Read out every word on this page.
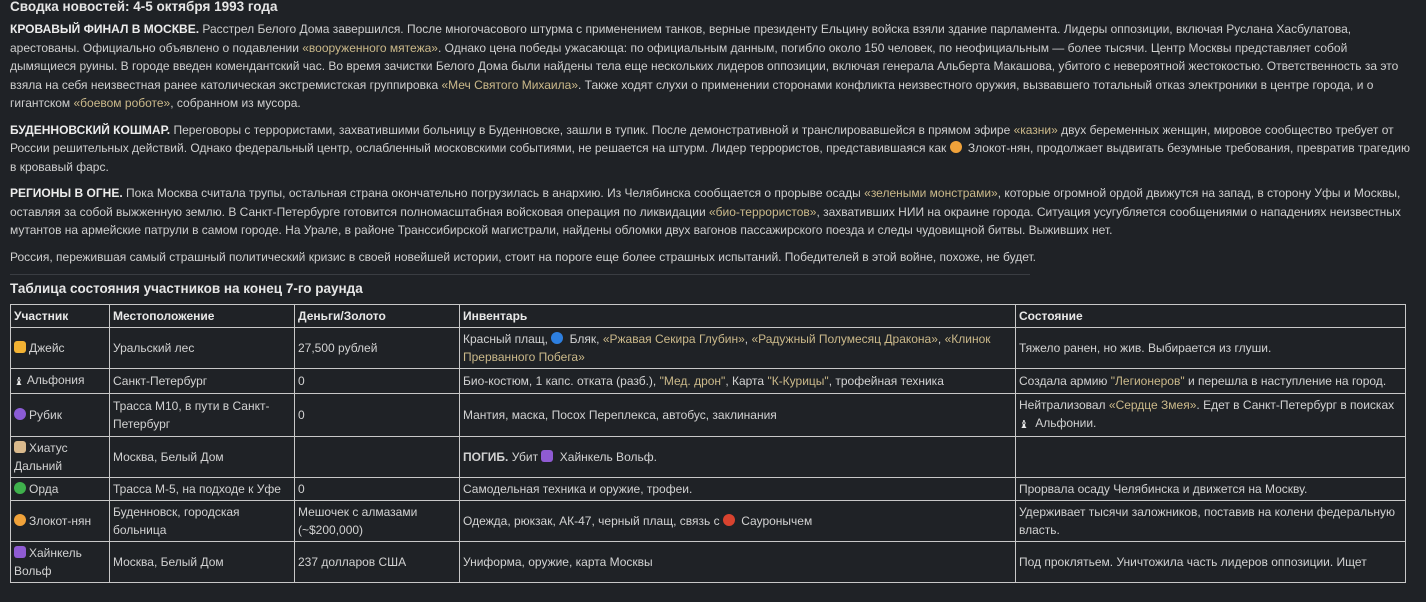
Сводка новостей: 4-5 октября 1993 года

КРОВАВЫЙ ФИНАЛ В МОСКВЕ. Расстрел Белого Дома завершился. После многочасового штурма с применением танков, верные президенту Ельцину войска взяли здание парламента. Лидеры оппозиции, включая Руслана Хасбулатова, арестованы. Официально объявлено о подавлении «вооруженного мятежа». Однако цена победы ужасающа: по официальным данным, погибло около 150 человек, по неофициальным — более тысячи. Центр Москвы представляет собой дымящиеся руины. В городе введен комендантский час. Во время зачистки Белого Дома были найдены тела еще нескольких лидеров оппозиции, включая генерала Альберта Макашова, убитого с невероятной жестокостью. Ответственность за это взяла на себя неизвестная ранее католическая экстремистская группировка «Меч Святого Михаила». Также ходят слухи о применении сторонами конфликта неизвестного оружия, вызвавшего тотальный отказ электроники в центре города, и о гигантском «боевом роботе», собранном из мусора.

БУДЕННОВСКИЙ КОШМАР. Переговоры с террористами, захватившими больницу в Буденновске, зашли в тупик. После демонстративной и транслировавшейся в прямом эфире «казни» двух беременных женщин, мировое сообщество требует от России решительных действий. Однако федеральный центр, ослабленный московскими событиями, не решается на штурм. Лидер террористов, представившаяся как  Злокот-нян, продолжает выдвигать безумные требования, превратив трагедию в кровавый фарс.

РЕГИОНЫ В ОГНЕ. Пока Москва считала трупы, остальная страна окончательно погрузилась в анархию. Из Челябинска сообщается о прорыве осады «зелеными монстрами», которые огромной ордой движутся на запад, в сторону Уфы и Москвы, оставляя за собой выжженную землю. В Санкт-Петербурге готовится полномасштабная войсковая операция по ликвидации «био-террористов», захвативших НИИ на окраине города. Ситуация усугубляется сообщениями о нападениях неизвестных мутантов на армейские патрули в самом городе. На Урале, в районе Транссибирской магистрали, найдены обломки двух вагонов пассажирского поезда и следы чудовищной битвы. Выживших нет.

Россия, пережившая самый страшный политический кризис в своей новейшей истории, стоит на пороге еще более страшных испытаний. Победителей в этой войне, похоже, не будет.

Таблица состояния участников на конец 7-го раунда
Участник	Местоположение	Деньги/Золото	Инвентарь	Состояние
Джейс	Уральский лес	27,500 рублей	Красный плащ,  Бляк, «Ржавая Секира Глубин», «Радужный Полумесяц Дракона», «Клинок Прерванного Побега»	Тяжело ранен, но жив. Выбирается из глуши.
♝ Альфония	Санкт-Петербург	0	Био-костюм, 1 капс. отката (разб.), "Мед. дрон", Карта "К-Курицы", трофейная техника	Создала армию "Легионеров" и перешла в наступление на город.
Рубик	Трасса М10, в пути в Санкт-Петербург	0	Мантия, маска, Посох Переплекса, автобус, заклинания	Нейтрализовал «Сердце Змея». Едет в Санкт-Петербург в поисках ♝ Альфонии.
Хиатус Дальний	Москва, Белый Дом		ПОГИБ. Убит  Хайнкель Вольф.	
Орда	Трасса М-5, на подходе к Уфе	0	Самодельная техника и оружие, трофеи.	Прорвала осаду Челябинска и движется на Москву.
Злокот-нян	Буденновск, городская больница	Мешочек с алмазами (~$200,000)	Одежда, рюкзак, АК-47, черный плащ, связь с  Сауронычем	Удерживает тысячи заложников, поставив на колени федеральную власть.
Хайнкель Вольф	Москва, Белый Дом	237 долларов США	Униформа, оружие, карта Москвы	Под проклятьем. Уничтожила часть лидеров оппозиции. Ищет
